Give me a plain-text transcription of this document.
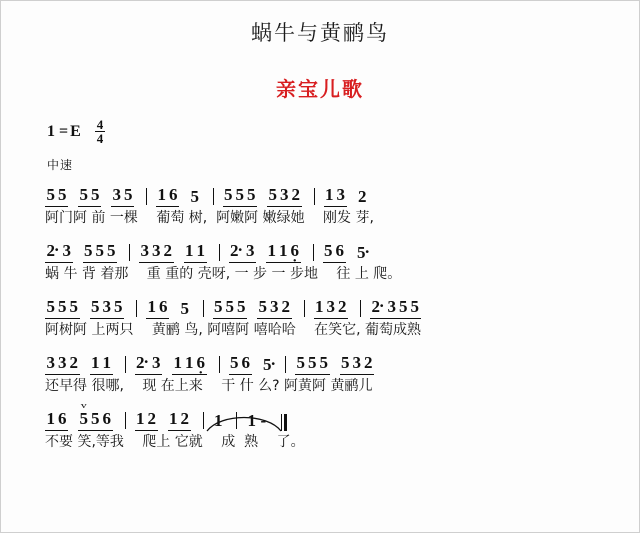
蜗牛与黄鹂鸟
亲宝儿歌
1 = E $\frac{4}{4}$
中速
5 5 5 5 3 5 1 6 5 5 5 5 5 3 2 1 3 2
阿门阿 前 一棵　 葡萄 树,  阿嫩阿 嫩绿她　 刚发 芽,
2 · 3 5 5 5 3 3 2 1 1 2 · 3 1 1 6 · 5 6 5 ·
蜗 牛 背 着那　 重 重的 壳呀, 一 步 一 步地　 往 上 爬。
5 5 5 5 3 5 1 6 5 5 5 5 5 3 2 1 3 2 2 · 3 5 5
阿树阿 上两只　 黄鹂 鸟, 阿嘻阿 嘻哈哈　 在笑它, 葡萄成熟
3 3 2 1 1 2 · 3 1 1 6 · 5 6 5 · 5 5 5 5 3 2
还早得 很哪,　 现 在上来　 干 什 么? 阿黄阿 黄鹂儿
1 6 v 5 5 6 1 2 1 2

1 1 -
不要 笑,等我　 爬上 它就　 成  熟　 了。
